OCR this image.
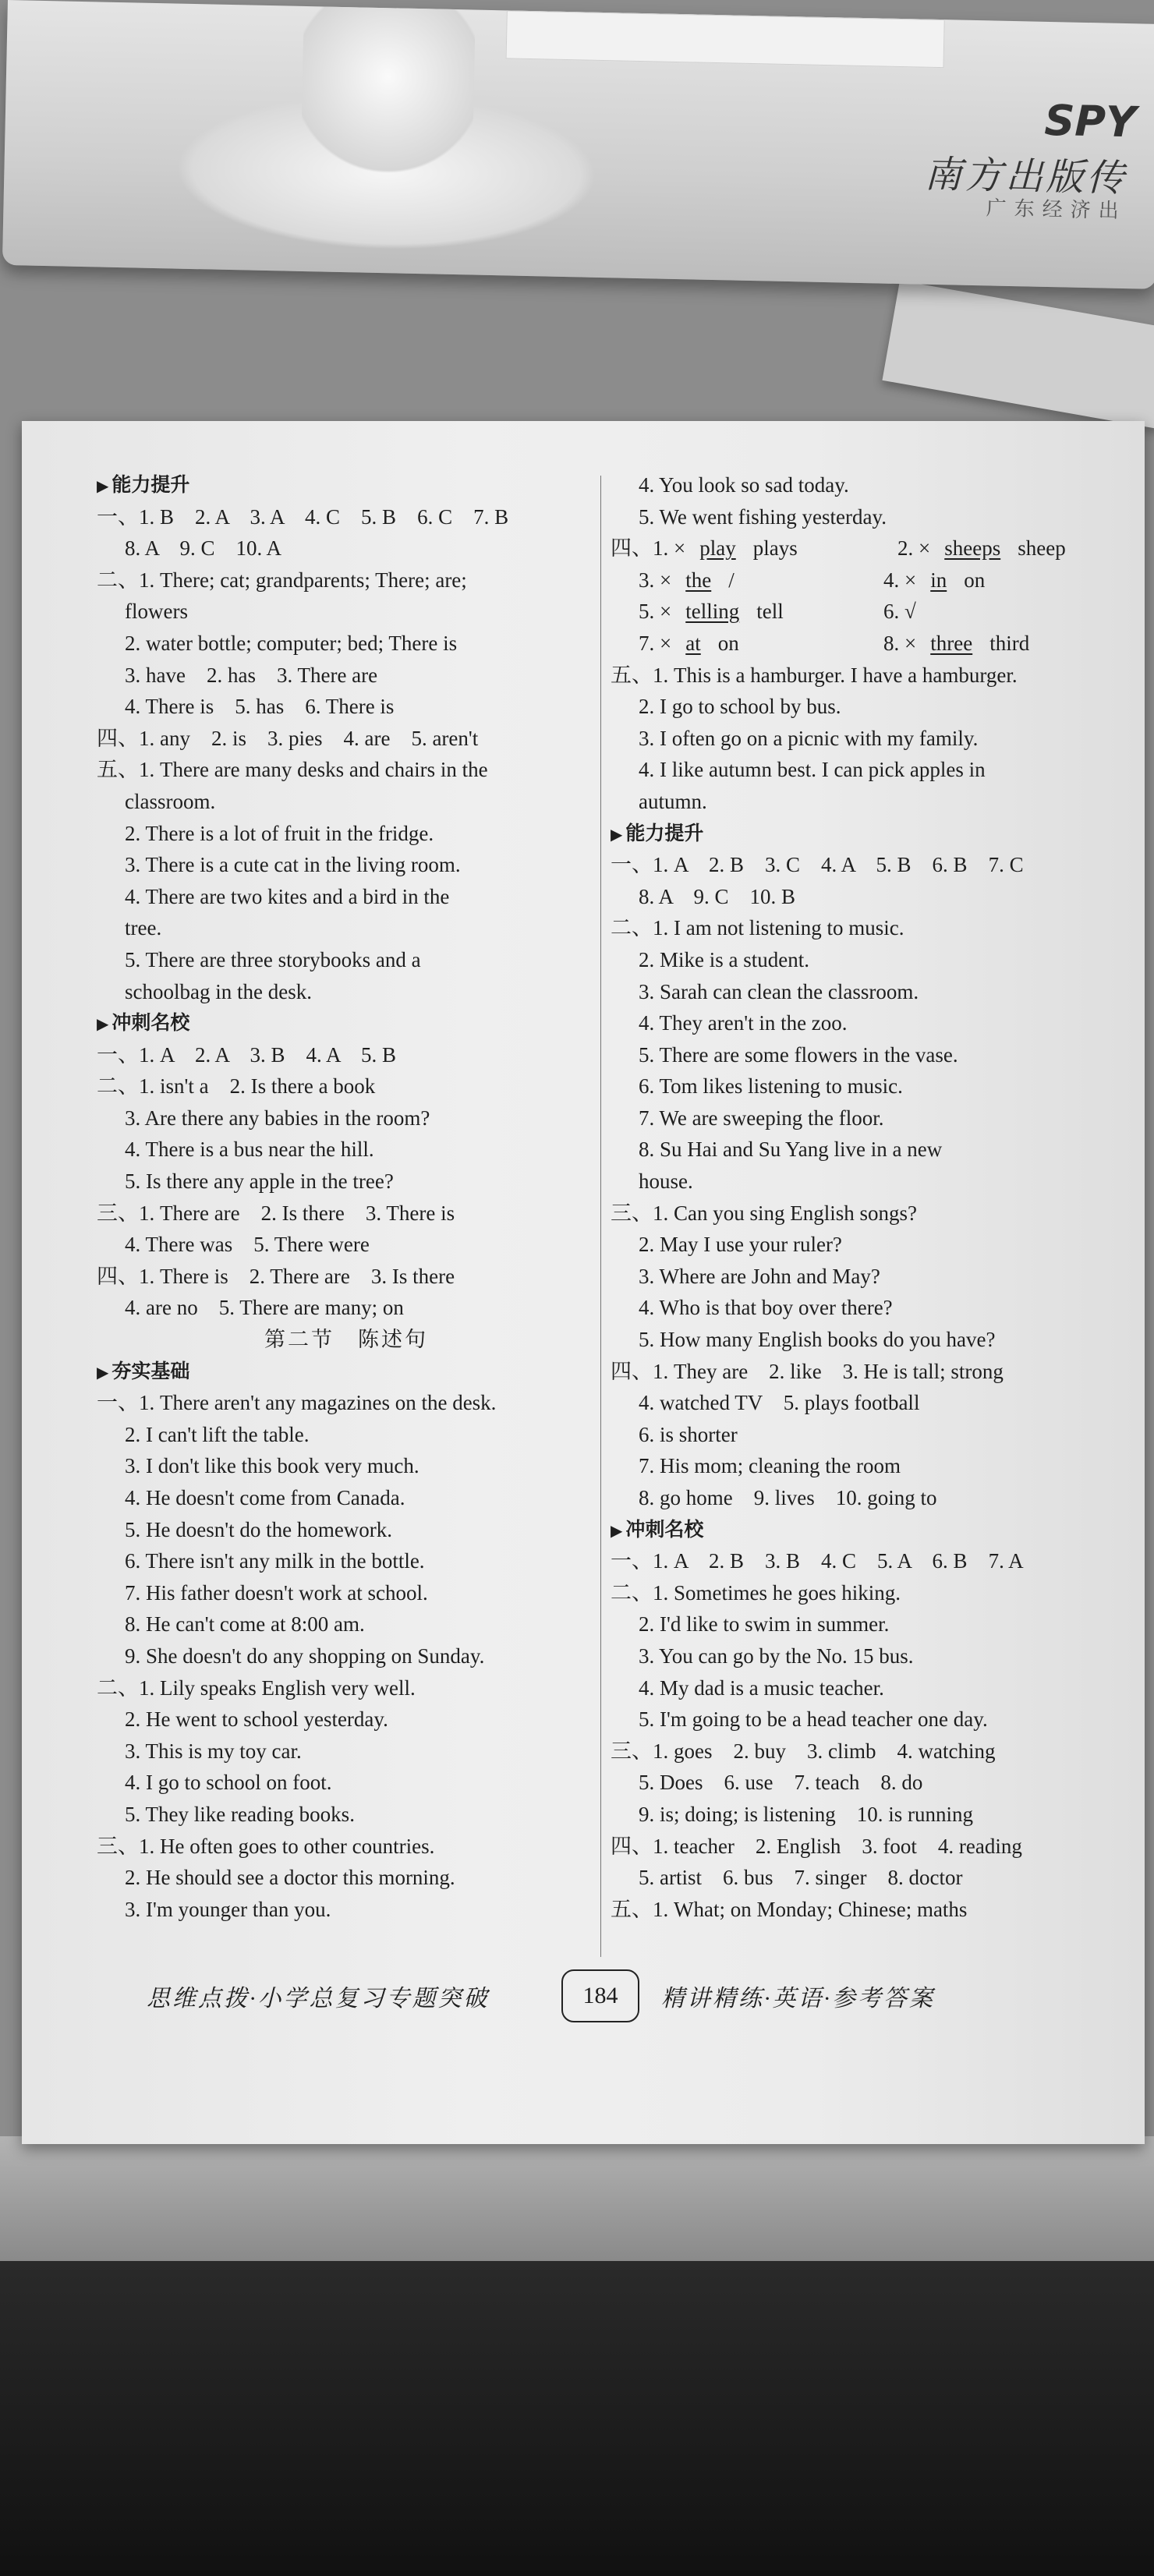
SPY
南方出版传
广东经济出
▶ 能力提升
一、1. B　2. A　3. A　4. C　5. B　6. C　7. B
8. A　9. C　10. A
二、1. There; cat; grandparents; There; are;
flowers
2. water bottle; computer; bed; There is
3. have　2. has　3. There are
4. There is　5. has　6. There is
四、1. any　2. is　3. pies　4. are　5. aren't
五、1. There are many desks and chairs in the
classroom.
2. There is a lot of fruit in the fridge.
3. There is a cute cat in the living room.
4. There are two kites and a bird in the
tree.
5. There are three storybooks and a
schoolbag in the desk.
▶ 冲刺名校
一、1. A　2. A　3. B　4. A　5. B
二、1. isn't a　2. Is there a book
3. Are there any babies in the room?
4. There is a bus near the hill.
5. Is there any apple in the tree?
三、1. There are　2. Is there　3. There is
4. There was　5. There were
四、1. There is　2. There are　3. Is there
4. are no　5. There are many; on
第二节　陈述句
▶ 夯实基础
一、1. There aren't any magazines on the desk.
2. I can't lift the table.
3. I don't like this book very much.
4. He doesn't come from Canada.
5. He doesn't do the homework.
6. There isn't any milk in the bottle.
7. His father doesn't work at school.
8. He can't come at 8:00 am.
9. She doesn't do any shopping on Sunday.
二、1. Lily speaks English very well.
2. He went to school yesterday.
3. This is my toy car.
4. I go to school on foot.
5. They like reading books.
三、1. He often goes to other countries.
2. He should see a doctor this morning.
3. I'm younger than you.
4. You look so sad today.
5. We went fishing yesterday.
四、1. × play plays	2. × sheeps sheep
3. × the /	4. × in on
5. × telling tell	6. √
7. × at on	8. × three third
五、1. This is a hamburger. I have a hamburger.
2. I go to school by bus.
3. I often go on a picnic with my family.
4. I like autumn best. I can pick apples in
autumn.
▶ 能力提升
一、1. A　2. B　3. C　4. A　5. B　6. B　7. C
8. A　9. C　10. B
二、1. I am not listening to music.
2. Mike is a student.
3. Sarah can clean the classroom.
4. They aren't in the zoo.
5. There are some flowers in the vase.
6. Tom likes listening to music.
7. We are sweeping the floor.
8. Su Hai and Su Yang live in a new
house.
三、1. Can you sing English songs?
2. May I use your ruler?
3. Where are John and May?
4. Who is that boy over there?
5. How many English books do you have?
四、1. They are　2. like　3. He is tall; strong
4. watched TV　5. plays football
6. is shorter
7. His mom; cleaning the room
8. go home　9. lives　10. going to
▶ 冲刺名校
一、1. A　2. B　3. B　4. C　5. A　6. B　7. A
二、1. Sometimes he goes hiking.
2. I'd like to swim in summer.
3. You can go by the No. 15 bus.
4. My dad is a music teacher.
5. I'm going to be a head teacher one day.
三、1. goes　2. buy　3. climb　4. watching
5. Does　6. use　7. teach　8. do
9. is; doing; is listening　10. is running
四、1. teacher　2. English　3. foot　4. reading
5. artist　6. bus　7. singer　8. doctor
五、1. What; on Monday; Chinese; maths
思维点拨·小学总复习专题突破	184	精讲精练·英语·参考答案
